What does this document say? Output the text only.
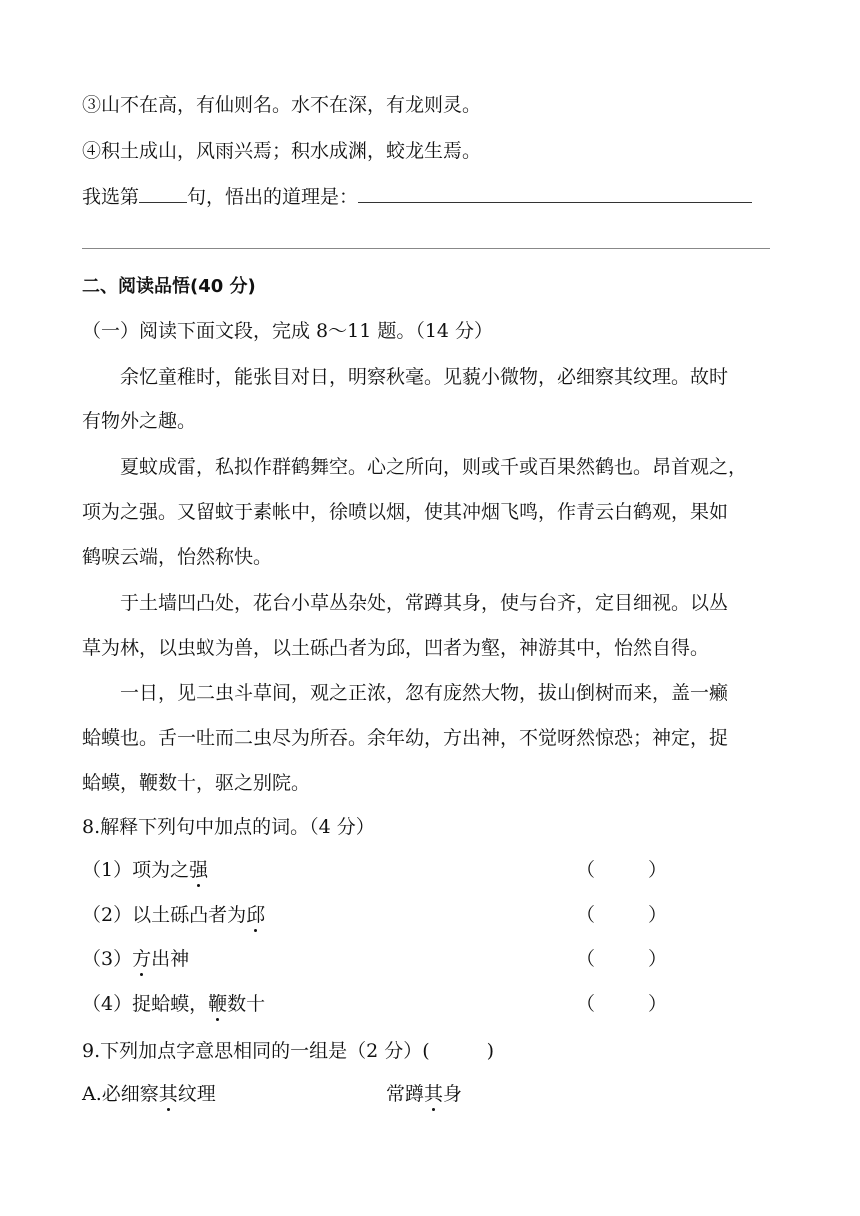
③山不在高，有仙则名。水不在深，有龙则灵。
④积土成山，风雨兴焉；积水成渊，蛟龙生焉。
我选第	句，悟出的道理是：
二、阅读品悟(40 分)
（一）阅读下面文段，完成 8～11 题。（14 分）
余忆童稚时，能张目对日，明察秋毫。见藐小微物，必细察其纹理。故时
有物外之趣。
夏蚊成雷，私拟作群鹤舞空。心之所向，则或千或百果然鹤也。昂首观之，
项为之强。又留蚊于素帐中，徐喷以烟，使其冲烟飞鸣，作青云白鹤观，果如
鹤唳云端，怡然称快。
于土墙凹凸处，花台小草丛杂处，常蹲其身，使与台齐，定目细视。以丛
草为林，以虫蚁为兽，以土砾凸者为邱，凹者为壑，神游其中，怡然自得。
一日，见二虫斗草间，观之正浓，忽有庞然大物，拔山倒树而来，盖一癞
蛤蟆也。舌一吐而二虫尽为所吞。余年幼，方出神，不觉呀然惊恐；神定，捉
蛤蟆，鞭数十，驱之别院。
8.解释下列句中加点的词。（4 分）
（1）项为之强	（	）
（2）以土砾凸者为邱	（	）
（3）方出神	（	）
（4）捉蛤蟆，鞭数十	（	）
9.下列加点字意思相同的一组是（2 分）(　　　)
A.必细察其纹理	常蹲其身
